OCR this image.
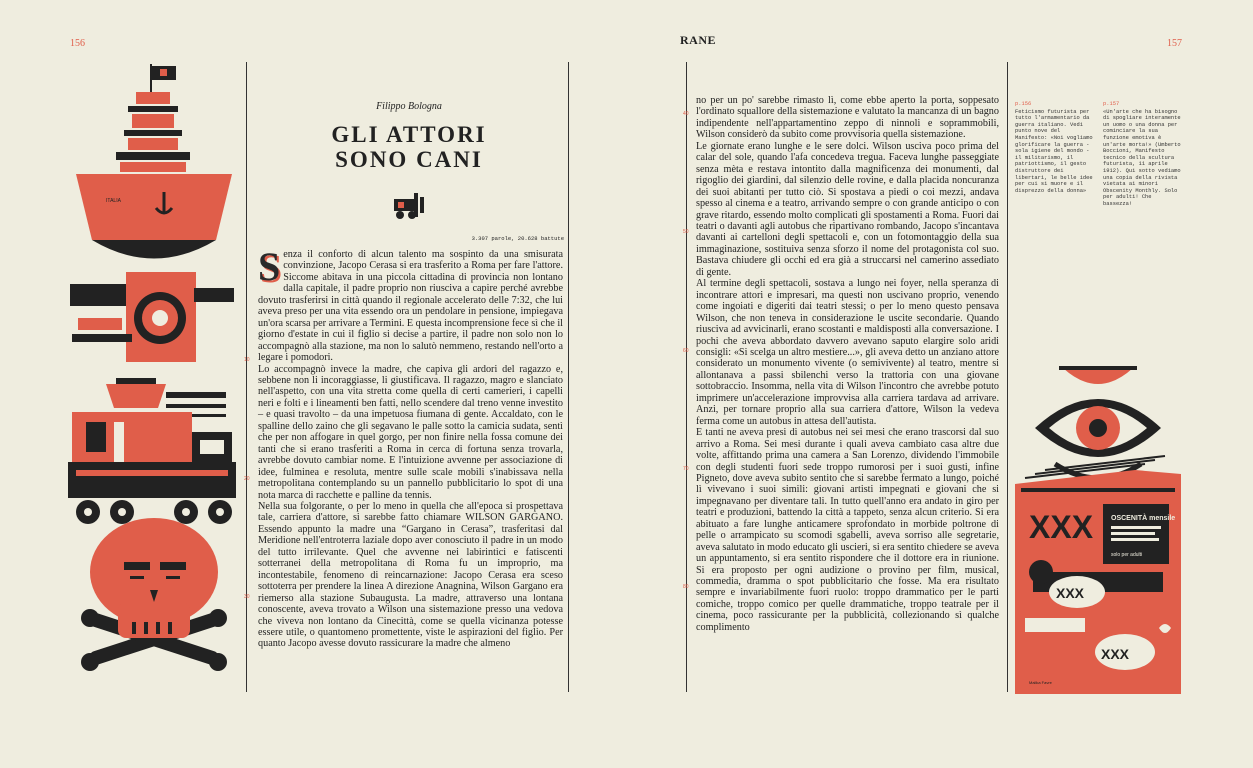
156	RANE	157
ITALIA
Filippo Bologna
GLI ATTORI
SONO CANI
3.307 parole, 20.628 battute

Senza il conforto di alcun talento ma sospinto da una smisurata convinzione, Jacopo Cerasa si era trasferito a Roma per fare l'attore. Siccome abitava in una piccola cittadina di provincia non lontano dalla capitale, il padre proprio non riusciva a capire perché avrebbe dovuto trasferirsi in città quando il regionale accelerato delle 7:32, che lui aveva preso per una vita essendo ora un pendolare in pensione, impiegava un'ora scarsa per arrivare a Termini. E questa incomprensione fece sì che il giorno d'estate in cui il figlio si decise a partire, il padre non solo non lo accompagnò alla stazione, ma non lo salutò nemmeno, restando nell'orto a legare i pomodori.

Lo accompagnò invece la madre, che capiva gli ardori del ragazzo e, sebbene non li incoraggiasse, li giustificava. Il ragazzo, magro e slanciato nell'aspetto, con una vita stretta come quella di certi camerieri, i capelli neri e folti e i lineamenti ben fatti, nello scendere dal treno venne investito – e quasi travolto – da una impetuosa fiumana di gente. Accaldato, con le spalline dello zaino che gli segavano le palle sotto la camicia sudata, sentì che per non affogare in quel gorgo, per non finire nella fossa comune dei tanti che si erano trasferiti a Roma in cerca di fortuna senza trovarla, avrebbe dovuto cambiar nome. E l'intuizione avvenne per associazione di idee, fulminea e resoluta, mentre sulle scale mobili s'inabissava nella metropolitana contemplando su un pannello pubblicitario lo spot di una nota marca di racchette e palline da tennis.

Nella sua folgorante, o per lo meno in quella che all'epoca si prospettava tale, carriera d'attore, si sarebbe fatto chiamare WILSON GARGANO. Essendo appunto la madre una “Gargano in Cerasa”, trasferitasi dal Meridione nell'entroterra laziale dopo aver conosciuto il padre in un modo del tutto irrilevante. Quel che avvenne nei labirintici e fatiscenti sotterranei della metropolitana di Roma fu un improprio, ma incontestabile, fenomeno di reincarnazione: Jacopo Cerasa era sceso sottoterra per prendere la linea A direzione Anagnina, Wilson Gargano era riemerso alla stazione Subaugusta. La madre, attraverso una lontana conoscente, aveva trovato a Wilson una sistemazione presso una vedova che viveva non lontano da Cinecittà, come se quella vicinanza potesse essere utile, o quantomeno promettente, viste le aspirazioni del figlio. Per quanto Jacopo avesse dovuto rassicurare la madre che almeno

10
20
30

no per un po' sarebbe rimasto lì, come ebbe aperto la porta, soppesato l'ordinato squallore della sistemazione e valutato la mancanza di un bagno indipendente nell'appartamentino zeppo di ninnoli e soprammobili, Wilson considerò da subito come provvisoria quella sistemazione.

Le giornate erano lunghe e le sere dolci. Wilson usciva poco prima del calar del sole, quando l'afa concedeva tregua. Faceva lunghe passeggiate senza mèta e restava intontito dalla magnificenza dei monumenti, dal rigoglio dei giardini, dal silenzio delle rovine, e dalla placida noncuranza dei suoi abitanti per tutto ciò. Si spostava a piedi o coi mezzi, andava spesso al cinema e a teatro, arrivando sempre o con grande anticipo o con grave ritardo, essendo molto complicati gli spostamenti a Roma. Fuori dai teatri o davanti agli autobus che ripartivano rombando, Jacopo s'incantava davanti ai cartelloni degli spettacoli e, con un fotomontaggio della sua immaginazione, sostituiva senza sforzo il nome del protagonista col suo. Bastava chiudere gli occhi ed era già a struccarsi nel camerino assediato di gente.

Al termine degli spettacoli, sostava a lungo nei foyer, nella speranza di incontrare attori e impresari, ma questi non uscivano proprio, venendo come ingoiati e digeriti dai teatri stessi; o per lo meno questo pensava Wilson, che non teneva in considerazione le uscite secondarie. Quando riusciva ad avvicinarli, erano scostanti e maldisposti alla conversazione. I pochi che aveva abbordato davvero avevano saputo elargire solo aridi consigli: «Si scelga un altro mestiere...», gli aveva detto un anziano attore considerato un monumento vivente (o semivivente) al teatro, mentre si allontanava a passi sbilenchi verso la trattoria con una giovane sottobraccio. Insomma, nella vita di Wilson l'incontro che avrebbe potuto imprimere un'accelerazione improvvisa alla carriera tardava ad arrivare. Anzi, per tornare proprio alla sua carriera d'attore, Wilson la vedeva ferma come un autobus in attesa dell'autista.

E tanti ne aveva presi di autobus nei sei mesi che erano trascorsi dal suo arrivo a Roma. Sei mesi durante i quali aveva cambiato casa altre due volte, affittando prima una camera a San Lorenzo, dividendo l'immobile con degli studenti fuori sede troppo rumorosi per i suoi gusti, infine Pigneto, dove aveva subito sentito che si sarebbe fermato a lungo, poiché lì vivevano i suoi simili: giovani artisti impegnati e giovani che si impegnavano per diventare tali. In tutto quell'anno era andato in giro per teatri e produzioni, battendo la città a tappeto, senza alcun criterio. Si era abituato a fare lunghe anticamere sprofondato in morbide poltrone di pelle o arrampicato su scomodi sgabelli, aveva sorriso alle segretarie, aveva salutato in modo educato gli uscieri, si era sentito chiedere se aveva un appuntamento, si era sentito rispondere che il dottore era in riunione. Si era proposto per ogni audizione o provino per film, musical, commedia, dramma o spot pubblicitario che fosse. Ma era risultato sempre e invariabilmente fuori ruolo: troppo drammatico per le parti comiche, troppo comico per quelle drammatiche, troppo teatrale per il cinema, poco rassicurante per la pubblicità, collezionando sì qualche complimento

40
50
60
70
80
p.156
Feticismo futurista per tutto l'armamentario da guerra italiano. Vedi punto nove del Manifesto: «Noi vogliamo glorificare la guerra - sola igiene del mondo - il militarismo, il patriottismo, il gesto distruttore dei libertari, le belle idee per cui si muore e il disprezzo della donna»
p.157
«Un'arte che ha bisogno di spogliare interamente un uomo o una donna per cominciare la sua funzione emotiva è un'arte morta!» (Umberto Boccioni, Manifesto tecnico della scultura futurista, 11 aprile 1912). Qui sotto vediamo una copia della rivista vietata ai minori Obscenity Monthly. Solo per adulti! Che bassezza!
XXX	OSCENITÀ mensile
solo per adulti
XXX
XXX
Malika Favre
